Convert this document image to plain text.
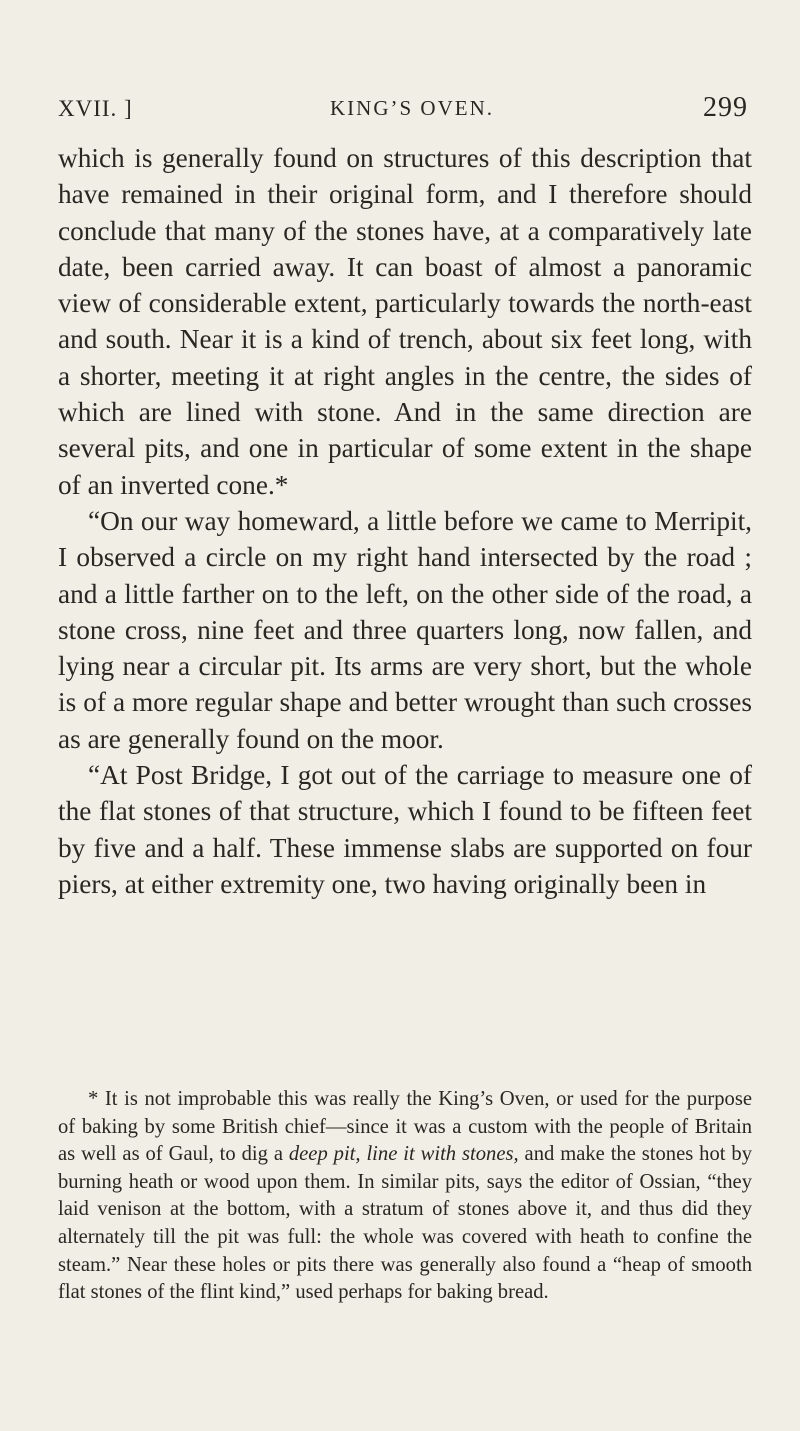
XVII. ]	KING’S OVEN.	299

which is generally found on structures of this description that have remained in their original form, and I therefore should conclude that many of the stones have, at a comparatively late date, been carried away. It can boast of almost a panoramic view of considerable extent, particularly towards the north-east and south. Near it is a kind of trench, about six feet long, with a shorter, meeting it at right angles in the centre, the sides of which are lined with stone. And in the same direction are several pits, and one in particular of some extent in the shape of an inverted cone.*

“On our way homeward, a little before we came to Merripit, I observed a circle on my right hand intersected by the road ; and a little farther on to the left, on the other side of the road, a stone cross, nine feet and three quarters long, now fallen, and lying near a circular pit. Its arms are very short, but the whole is of a more regular shape and better wrought than such crosses as are generally found on the moor.

“At Post Bridge, I got out of the carriage to measure one of the flat stones of that structure, which I found to be fifteen feet by five and a half. These immense slabs are supported on four piers, at either extremity one, two having originally been in

* It is not improbable this was really the King’s Oven, or used for the purpose of baking by some British chief—since it was a custom with the people of Britain as well as of Gaul, to dig a deep pit, line it with stones, and make the stones hot by burning heath or wood upon them. In similar pits, says the editor of Ossian, “they laid venison at the bottom, with a stratum of stones above it, and thus did they alternately till the pit was full: the whole was covered with heath to confine the steam.” Near these holes or pits there was generally also found a “heap of smooth flat stones of the flint kind,” used perhaps for baking bread.
